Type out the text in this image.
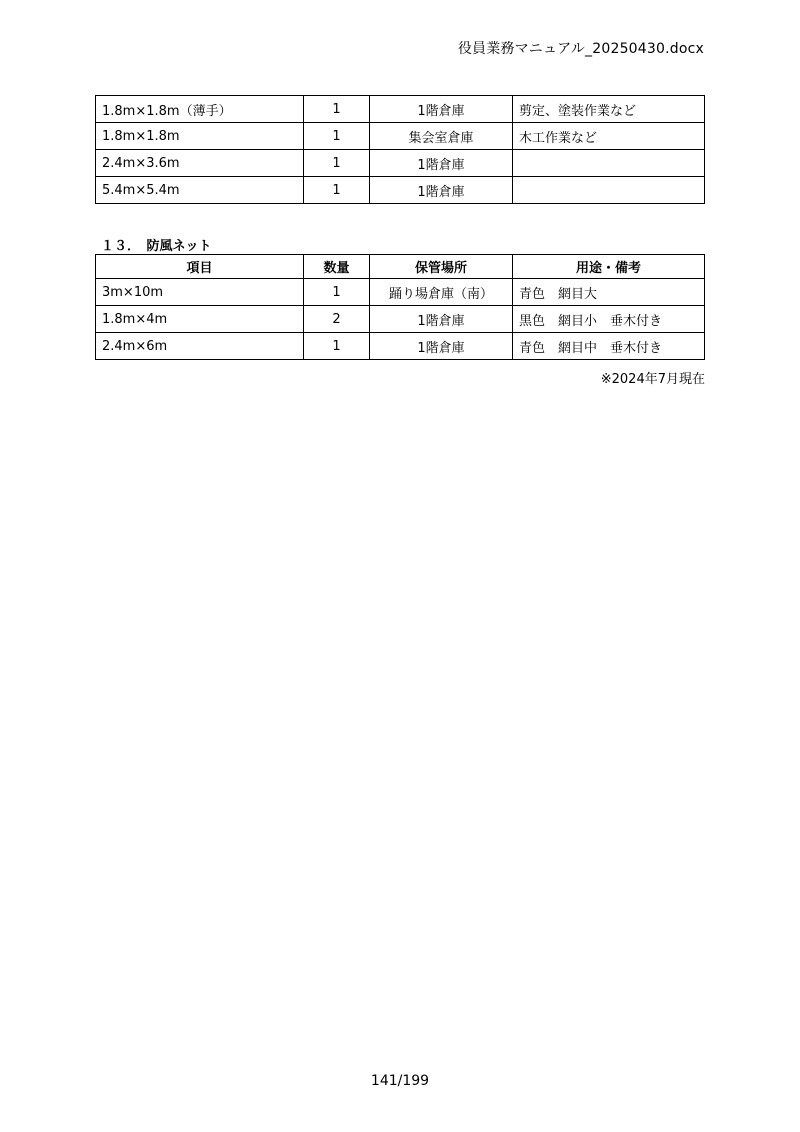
役員業務マニュアル_20250430.docx
1.8m×1.8m（薄手）	1	1階倉庫	剪定、塗装作業など
1.8m×1.8m	1	集会室倉庫	木工作業など
2.4m×3.6m	1	1階倉庫	
5.4m×5.4m	1	1階倉庫	
１３．　防風ネット
項目	数量	保管場所	用途・備考
3m×10m	1	踊り場倉庫（南）	青色　網目大
1.8m×4m	2	1階倉庫	黒色　網目小　垂木付き
2.4m×6m	1	1階倉庫	青色　網目中　垂木付き
※2024年7月現在
141/199
